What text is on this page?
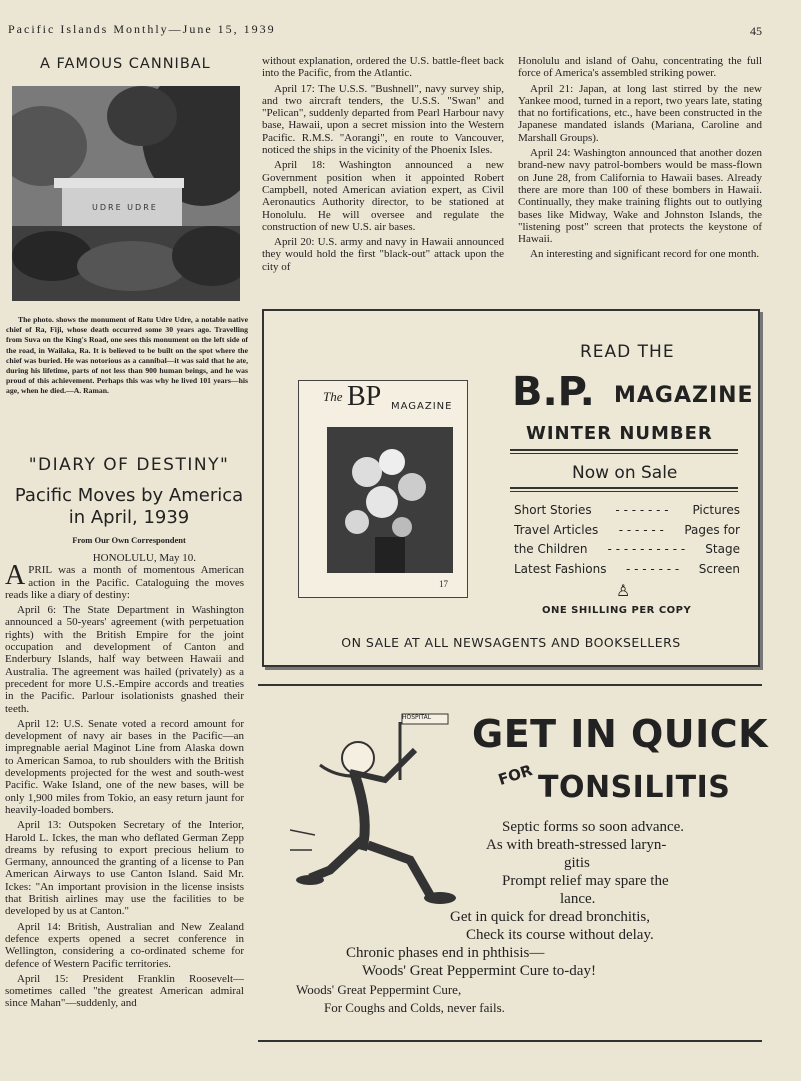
Pacific Islands Monthly—June 15, 1939	45
A FAMOUS CANNIBAL
UDRE UDRE

The photo. shows the monument of Ratu Udre Udre, a notable native chief of Ra, Fiji, whose death occurred some 30 years ago. Travelling from Suva on the King's Road, one sees this monument on the left side of the road, in Wailaka, Ra. It is believed to be built on the spot where the chief was buried. He was notorious as a cannibal—it was said that he ate, during his lifetime, parts of not less than 900 human beings, and he was proud of this achievement. Perhaps this was why he lived 101 years—his age, when he died.—A. Raman.

"DIARY OF DESTINY"
Pacific Moves by America
in April, 1939
From Our Own Correspondent
HONOLULU, May 10.

APRIL was a month of momentous American action in the Pacific. Cataloguing the moves reads like a diary of destiny:

April 6: The State Department in Washington announced a 50-years' agreement (with perpetuation rights) with the British Empire for the joint occupation and development of Canton and Enderbury Islands, half way between Hawaii and Australia. The agreement was hailed (privately) as a precedent for more U.S.-Empire accords and treaties in the Pacific. Parlour isolationists gnashed their teeth.

April 12: U.S. Senate voted a record amount for development of navy air bases in the Pacific—an impregnable aerial Maginot Line from Alaska down to American Samoa, to rub shoulders with the British developments projected for the west and south-west Pacific. Wake Island, one of the new bases, will be only 1,900 miles from Tokio, an easy return jaunt for heavily-loaded bombers.

April 13: Outspoken Secretary of the Interior, Harold L. Ickes, the man who deflated German Zepp dreams by refusing to export precious helium to Germany, announced the granting of a license to Pan American Airways to use Canton Island. Said Mr. Ickes: "An important provision in the license insists that British airlines may use the facilities to be developed by us at Canton."

April 14: British, Australian and New Zealand defence experts opened a secret conference in Wellington, considering a co-ordinated scheme for defence of Western Pacific territories.

April 15: President Franklin Roosevelt—sometimes called "the greatest American admiral since Mahan"—suddenly, and

without explanation, ordered the U.S. battle-fleet back into the Pacific, from the Atlantic.

April 17: The U.S.S. "Bushnell", navy survey ship, and two aircraft tenders, the U.S.S. "Swan" and "Pelican", suddenly departed from Pearl Harbour navy base, Hawaii, upon a secret mission into the Western Pacific. R.M.S. "Aorangi", en route to Vancouver, noticed the ships in the vicinity of the Phoenix Isles.

April 18: Washington announced a new Government position when it appointed Robert Campbell, noted American aviation expert, as Civil Aeronautics Authority director, to be stationed at Honolulu. He will oversee and regulate the construction of new U.S. air bases.

April 20: U.S. army and navy in Hawaii announced they would hold the first "black-out" attack upon the city of

Honolulu and island of Oahu, concentrating the full force of America's assembled striking power.

April 21: Japan, at long last stirred by the new Yankee mood, turned in a report, two years late, stating that no fortifications, etc., have been constructed in the Japanese mandated islands (Mariana, Caroline and Marshall Groups).

April 24: Washington announced that another dozen brand-new navy patrol-bombers would be mass-flown on June 28, from California to Hawaii bases. Already there are more than 100 of these bombers in Hawaii. Continually, they make training flights out to outlying bases like Midway, Wake and Johnston Islands, the "listening post" screen that protects the keystone of Hawaii.

An interesting and significant record for one month.

The BP MAGAZINE
17
READ THE
B.P. MAGAZINE
WINTER NUMBER
Now on Sale
Short Stories - - - - - - - Pictures
Travel Articles - - - - - - Pages for
the Children - - - - - - - - - - Stage
Latest Fashions - - - - - - - Screen
♙
ONE SHILLING PER COPY
ON SALE AT ALL NEWSAGENTS AND BOOKSELLERS
HOSPITAL GET IN QUICK
FOR TONSILITIS
Septic forms so soon advance.
As with breath-stressed laryn-
gitis
Prompt relief may spare the
lance.
Get in quick for dread bronchitis,
Check its course without delay.
Chronic phases end in phthisis—
Woods' Great Peppermint Cure to-day!
Woods' Great Peppermint Cure,
For Coughs and Colds, never fails.
